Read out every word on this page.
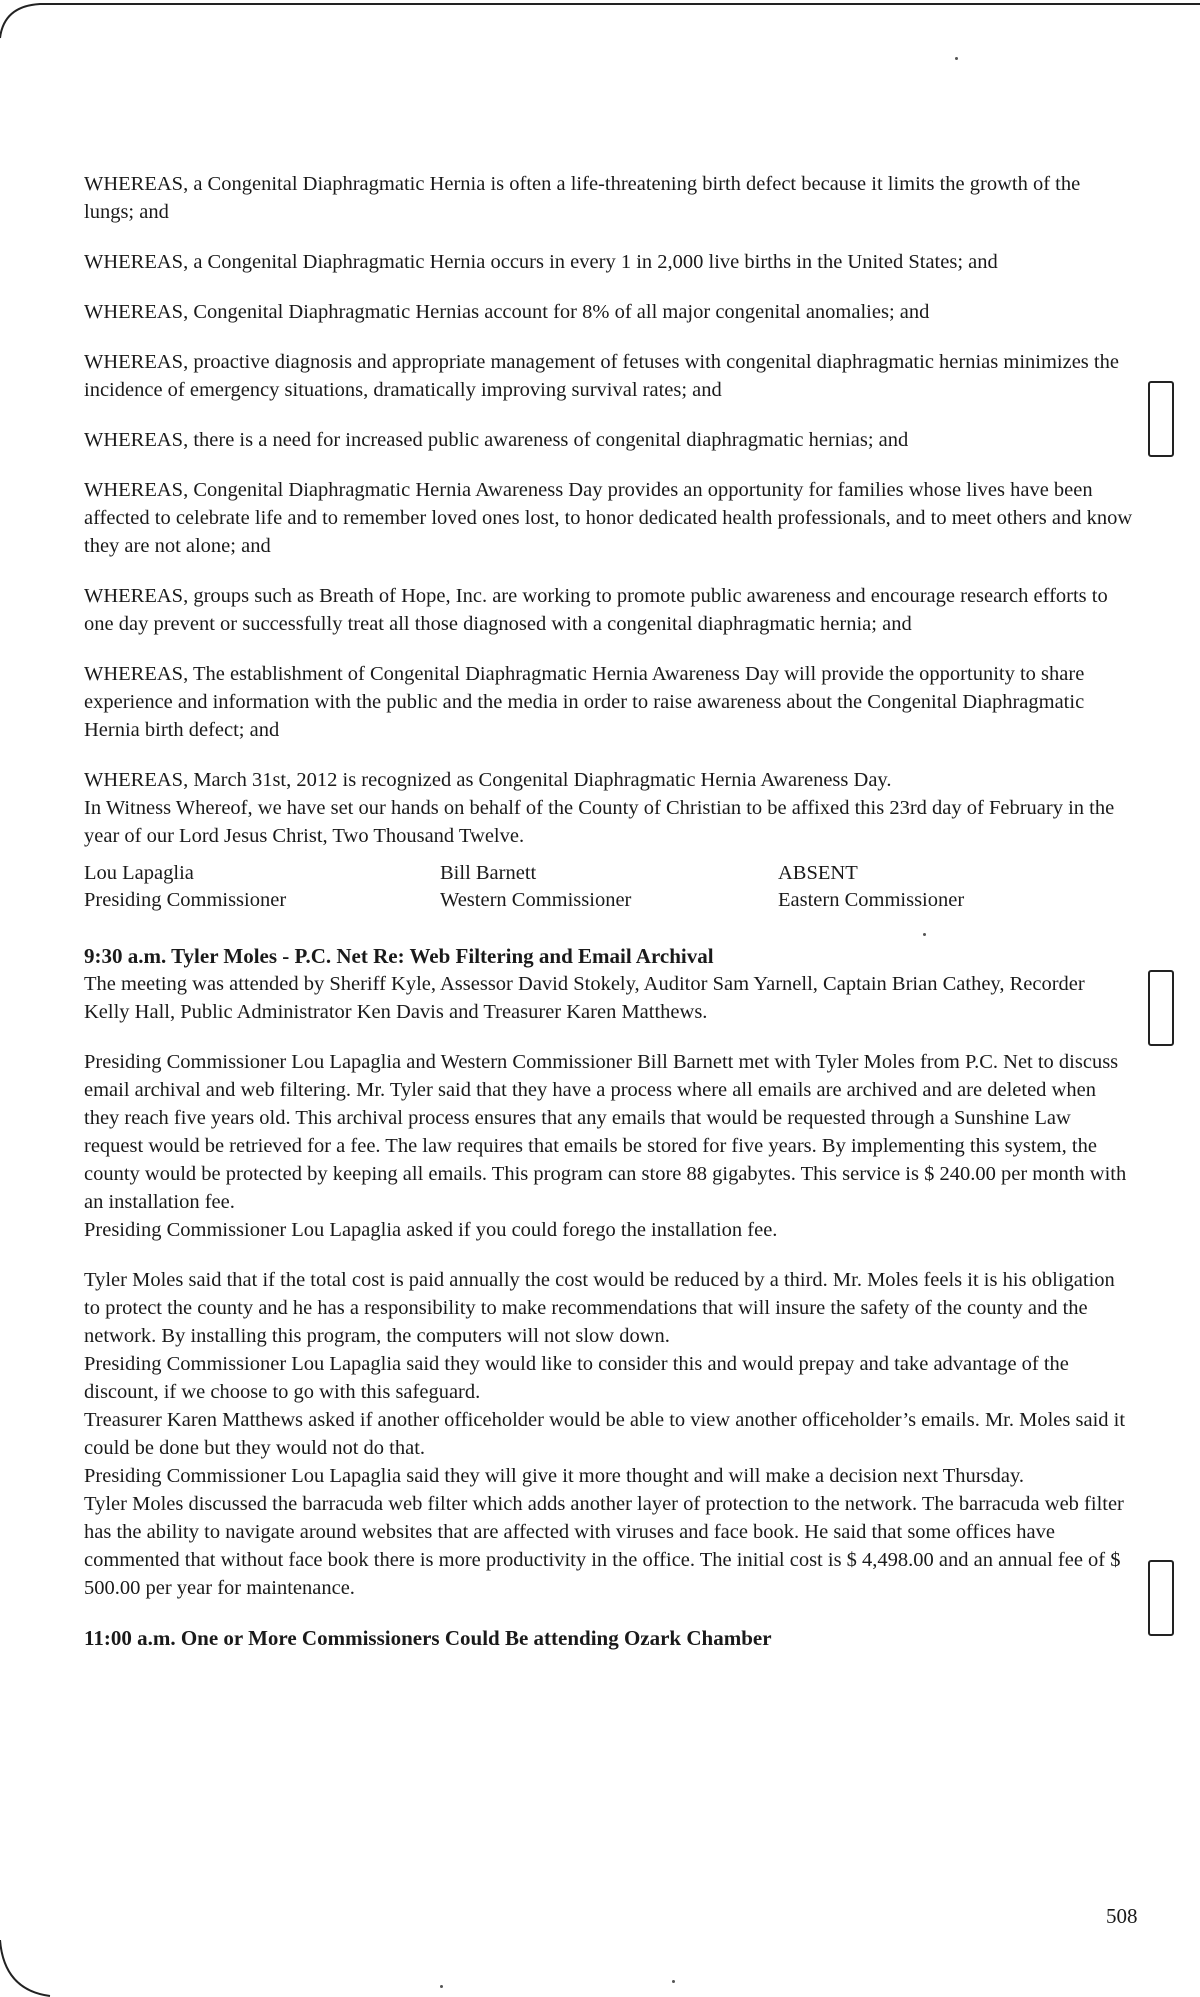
WHEREAS, a Congenital Diaphragmatic Hernia is often a life-threatening birth defect because it limits the growth of the lungs; and

WHEREAS, a Congenital Diaphragmatic Hernia occurs in every 1 in 2,000 live births in the United States; and

WHEREAS, Congenital Diaphragmatic Hernias account for 8% of all major congenital anomalies; and

WHEREAS, proactive diagnosis and appropriate management of fetuses with congenital diaphragmatic hernias minimizes the incidence of emergency situations, dramatically improving survival rates; and

WHEREAS, there is a need for increased public awareness of congenital diaphragmatic hernias; and

WHEREAS, Congenital Diaphragmatic Hernia Awareness Day provides an opportunity for families whose lives have been affected to celebrate life and to remember loved ones lost, to honor dedicated health professionals, and to meet others and know they are not alone; and

WHEREAS, groups such as Breath of Hope, Inc. are working to promote public awareness and encourage research efforts to one day prevent or successfully treat all those diagnosed with a congenital diaphragmatic hernia; and

WHEREAS, The establishment of Congenital Diaphragmatic Hernia Awareness Day will provide the opportunity to share experience and information with the public and the media in order to raise awareness about the Congenital Diaphragmatic Hernia birth defect; and

WHEREAS, March 31st, 2012 is recognized as Congenital Diaphragmatic Hernia Awareness Day.

In Witness Whereof, we have set our hands on behalf of the County of Christian to be affixed this 23rd day of February in the year of our Lord Jesus Christ, Two Thousand Twelve.

Lou Lapaglia	Bill Barnett	ABSENT
Presiding Commissioner	Western Commissioner	Eastern Commissioner
9:30 a.m. Tyler Moles - P.C. Net Re: Web Filtering and Email Archival

The meeting was attended by Sheriff Kyle, Assessor David Stokely, Auditor Sam Yarnell, Captain Brian Cathey, Recorder Kelly Hall, Public Administrator Ken Davis and Treasurer Karen Matthews.

Presiding Commissioner Lou Lapaglia and Western Commissioner Bill Barnett met with Tyler Moles from P.C. Net to discuss email archival and web filtering. Mr. Tyler said that they have a process where all emails are archived and are deleted when they reach five years old. This archival process ensures that any emails that would be requested through a Sunshine Law request would be retrieved for a fee. The law requires that emails be stored for five years. By implementing this system, the county would be protected by keeping all emails. This program can store 88 gigabytes. This service is $ 240.00 per month with an installation fee.

Presiding Commissioner Lou Lapaglia asked if you could forego the installation fee.

Tyler Moles said that if the total cost is paid annually the cost would be reduced by a third. Mr. Moles feels it is his obligation to protect the county and he has a responsibility to make recommendations that will insure the safety of the county and the network. By installing this program, the computers will not slow down.

Presiding Commissioner Lou Lapaglia said they would like to consider this and would prepay and take advantage of the discount, if we choose to go with this safeguard.

Treasurer Karen Matthews asked if another officeholder would be able to view another officeholder’s emails. Mr. Moles said it could be done but they would not do that.

Presiding Commissioner Lou Lapaglia said they will give it more thought and will make a decision next Thursday.

Tyler Moles discussed the barracuda web filter which adds another layer of protection to the network. The barracuda web filter has the ability to navigate around websites that are affected with viruses and face book. He said that some offices have commented that without face book there is more productivity in the office. The initial cost is $ 4,498.00 and an annual fee of $ 500.00 per year for maintenance.

11:00 a.m. One or More Commissioners Could Be attending Ozark Chamber
508
